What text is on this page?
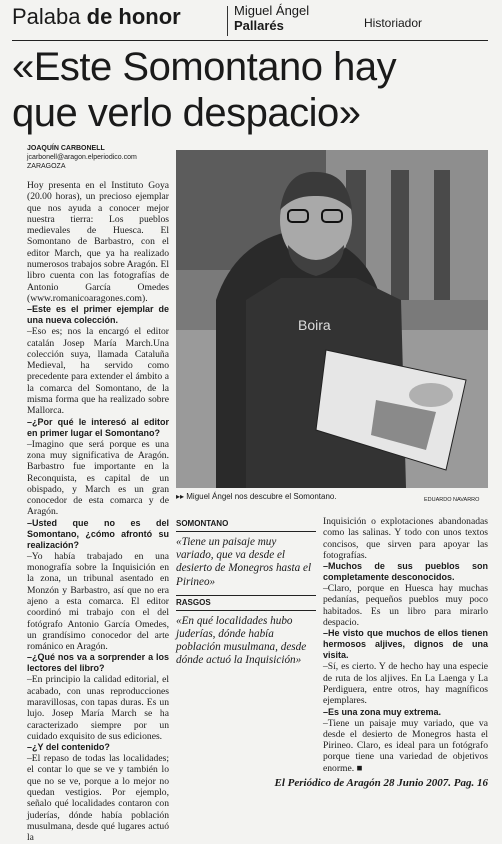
Palaba de honor	Miguel Ángel
Pallarés	Historiador
«Este Somontano hay
que verlo despacio»
JOAQUÍN CARBONELL
jcarbonell@aragon.elperiodico.com
ZARAGOZA

Hoy presenta en el Instituto Goya (20.00 horas), un precioso ejemplar que nos ayuda a conocer mejor nuestra tierra: Los pueblos medievales de Huesca. El Somontano de Barbastro, con el editor March, que ya ha realizado numerosos trabajos sobre Aragón. El libro cuenta con las fotografías de Antonio García Omedes (www.romanicoaragones.com).

–Este es el primer ejemplar de una nueva colección.

–Eso es; nos la encargó el editor catalán Josep María March.Una colección suya, llamada Cataluña Medieval, ha servido como precedente para extender el ámbito a la comarca del Somontano, de la misma forma que ha realizado sobre Mallorca.

–¿Por qué le interesó al editor en primer lugar el Somontano?

–Imagino que será porque es una zona muy significativa de Aragón. Barbastro fue importante en la Reconquista, es capital de un obispado, y March es un gran conocedor de esta comarca y de Aragón.

–Usted que no es del Somontano, ¿cómo afrontó su realización?

–Yo había trabajado en una monografía sobre la Inquisición en la zona, un tribunal asentado en Monzón y Barbastro, así que no era ajeno a esta comarca. El editor coordinó mi trabajo con el del fotógrafo Antonio García Omedes, un grandísimo conocedor del arte románico en Aragón.

–¿Qué nos va a sorprender a los lectores del libro?

–En principio la calidad editorial, el acabado, con unas reproducciones maravillosas, con tapas duras. Es un lujo. Josep María March se ha caracterizado siempre por un cuidado exquisito de sus ediciones.

–¿Y del contenido?

–El repaso de todas las localidades; el contar lo que se ve y también lo que no se ve, porque a lo mejor no quedan vestigios. Por ejemplo, señalo qué localidades contaron con juderías, dónde había población musulmana, desde qué lugares actuó la

Boira
▸▸ Miguel Ángel nos descubre el Somontano.	EDUARDO NAVARRO
SOMONTANO
«Tiene un paisaje muy variado, que va desde el desierto de Monegros hasta el Pirineo»
RASGOS
«En qué localidades hubo juderías, dónde había población musulmana, desde dónde actuó la Inquisición»

Inquisición o explotaciones abandonadas como las salinas. Y todo con unos textos concisos, que sirven para apoyar las fotografías.

–Muchos de sus pueblos son completamente desconocidos.

–Claro, porque en Huesca hay muchas pedanías, pequeños pueblos muy poco habitados. Es un libro para mirarlo despacio.

–He visto que muchos de ellos tienen hermosos aljives, dignos de una visita.

–Sí, es cierto. Y de hecho hay una especie de ruta de los aljives. En La Laenga y La Perdiguera, entre otros, hay magníficos ejemplares.

–Es una zona muy extrema.

–Tiene un paisaje muy variado, que va desde el desierto de Monegros hasta el Pirineo. Claro, es ideal para un fotógrafo porque tiene una variedad de objetivos enorme. ■

El Periódico de Aragón 28 Junio 2007. Pag. 16
